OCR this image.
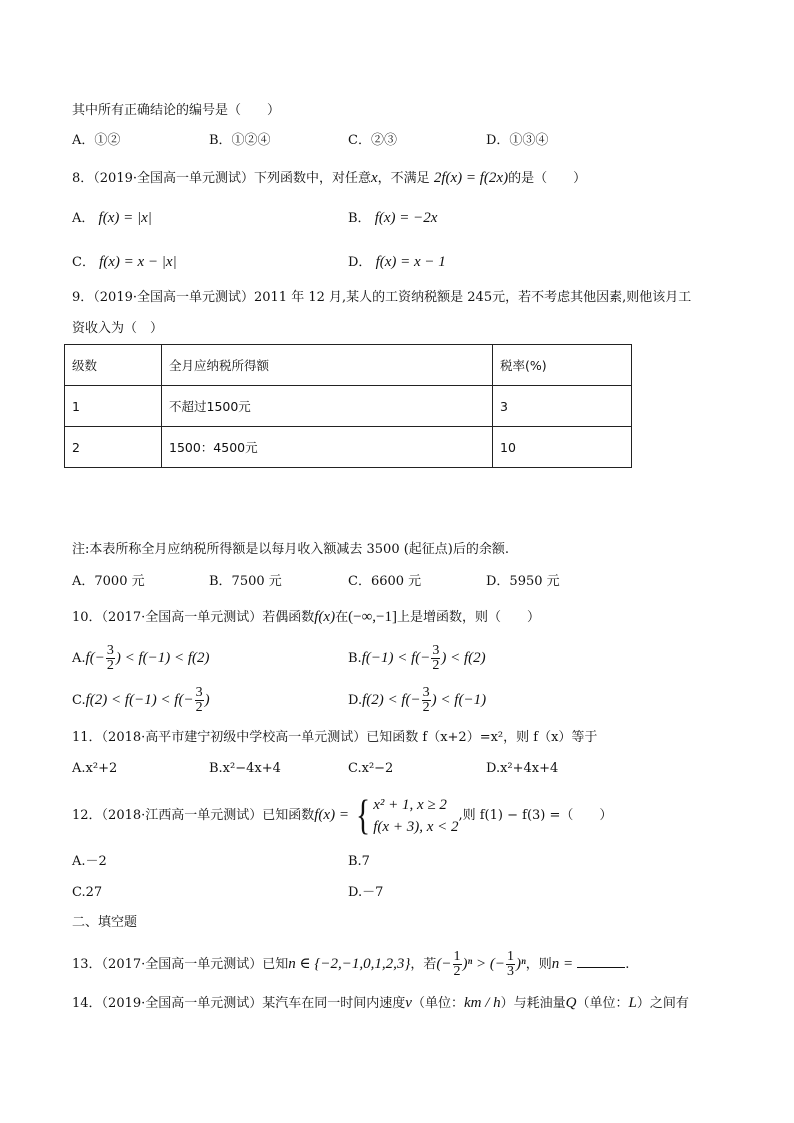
其中所有正确结论的编号是（　　）
A．①②	B．①②④	C．②③	D．①③④
8．（2019·全国高一单元测试）下列函数中，对任意x，不满足 2f(x) = f(2x)的是（　　）
A． f(x) = |x|	B． f(x) = −2x
C． f(x) = x − |x|	D． f(x) = x − 1
9．（2019·全国高一单元测试）2011 年 12 月,某人的工资纳税额是 245元，若不考虑其他因素,则他该月工
资收入为（　）
级数	全月应纳税所得额	税率(%)
1	不超过1500元	3
2	1500：4500元	10
注:本表所称全月应纳税所得额是以每月收入额减去 3500 (起征点)后的余额.
A．7000 元	B．7500 元	C．6600 元	D．5950 元
10．（2017·全国高一单元测试）若偶函数f(x)在(−∞,−1]上是增函数，则（　　）
$A.f(- \frac{3}{2}$ ) < f(−1) < f(2)	$B.f(-1) < f(- \frac{3}{2}$ ) < f(2)
$C.f(2) < f(-1) < f(- \frac{3}{2}$ )	$D.f(2) < f(- \frac{3}{2}$ ) < f(−1)
11．（2018·高平市建宁初级中学校高一单元测试）已知函数 f（x+2）=x²，则 f（x）等于
A.x²+2	B.x²−4x+4	C.x²−2	D.x²+4x+4
12．（2018·江西高一单元测试）已知函数f(x) = { x² + 1, x ≥ 2
f(x + 3), x < 2
,则 f(1) − f(3) =（　　）
A.－2	B.7
C.27	D.－7
二、填空题
13．（2017·全国高一单元测试）已知n ∈ {−2,−1,0,1,2,3}，若(− $\frac{1}{2} )^n$ > (− $\frac{1}{3} )^n$，则n =	.
14．（2019·全国高一单元测试）某汽车在同一时间内速度v（单位：km / h）与耗油量Q（单位：L）之间有
